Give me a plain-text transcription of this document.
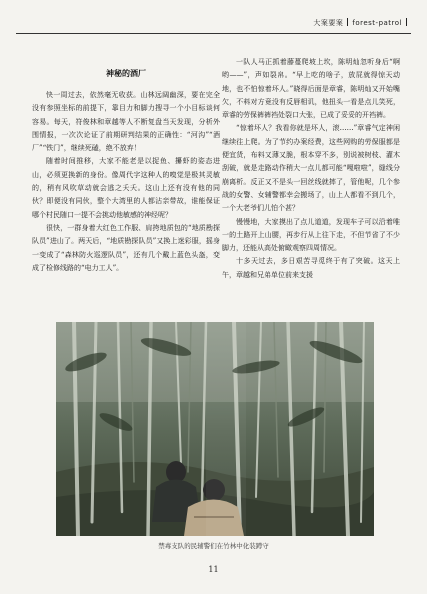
大案要案 forest-patrol
神秘的酒厂

快一周过去，依然毫无收获。山林远阔幽深，要在完全没有参照坐标的前提下，靠目力和脚力搜寻一个小目标谈何容易。每天，符俊林和章越等人不断复盘当天发现，分析外围情报，一次次论证了前期研判结果的正确性：“河沟”“酒厂”“铁门”，继续死磕，绝不放弃！

随着时间推移，大家不能老是以捉鱼、攥虾的姿态进山，必须更换新的身份。像周代字这种人的嗅觉是极其灵敏的，稍有风吹草动就会逃之夭夭。这山上还有没有他的同伙？即便没有同伙，整个大湾里的人都沾亲带故，谁能保证哪个村民随口一提不会挑动他敏感的神经呢？

很快，一群身着大红色工作服、肩挎地质包的“地质勘探队员”进山了。两天后，“地质勘探队员”又换上迷彩服，摇身一变成了“森林防火巡逻队员”，还有几个戴上蓝色头盔，变成了检修线路的“电力工人”。

一队人马正抓着藤蔓爬坡上坎，陈明灿忽听身后“啊哟——”，声如裂帛。“早上吃的啥子，放屁就得惊天动地，也不怕惊着坏人。”晓得后面是章睿，陈明灿又开始嘴欠，不料对方竟没有反唇相讥，他扭头一看是点儿笑死，章睿的劳保裤裤裆处裂口大张，已成了妥妥的开裆裤。

“惊着坏人？我看你就是坏人，滚……”章睿气定神闲继续往上爬。为了节约办案经费，这些网购的劳保服都是便宜货，布料又薄又脆，根本穿不多，别说被树枝、灌木刮破，就是走路动作稍大一点儿都可能“嘎啦啦”，缝线分崩离析。反正又不是头一回丝线就摔了，管他呢，几个参战的女警、女辅警都幸会搬场了，山上人都看不到几个，一个大老爷们儿怕个甚？

慢慢地，大家摸出了点儿道道，发现车子可以沿着唯一的土路开上山腰，再步行从上往下走，不但节省了不少脚力，还能从高处俯瞰观察四周情况。

十多天过去，多日艰苦寻觅终于有了突破。这天上午，章越和兄弟单位前来支援

禁毒支队的民辅警们在竹林中化装蹲守
11
